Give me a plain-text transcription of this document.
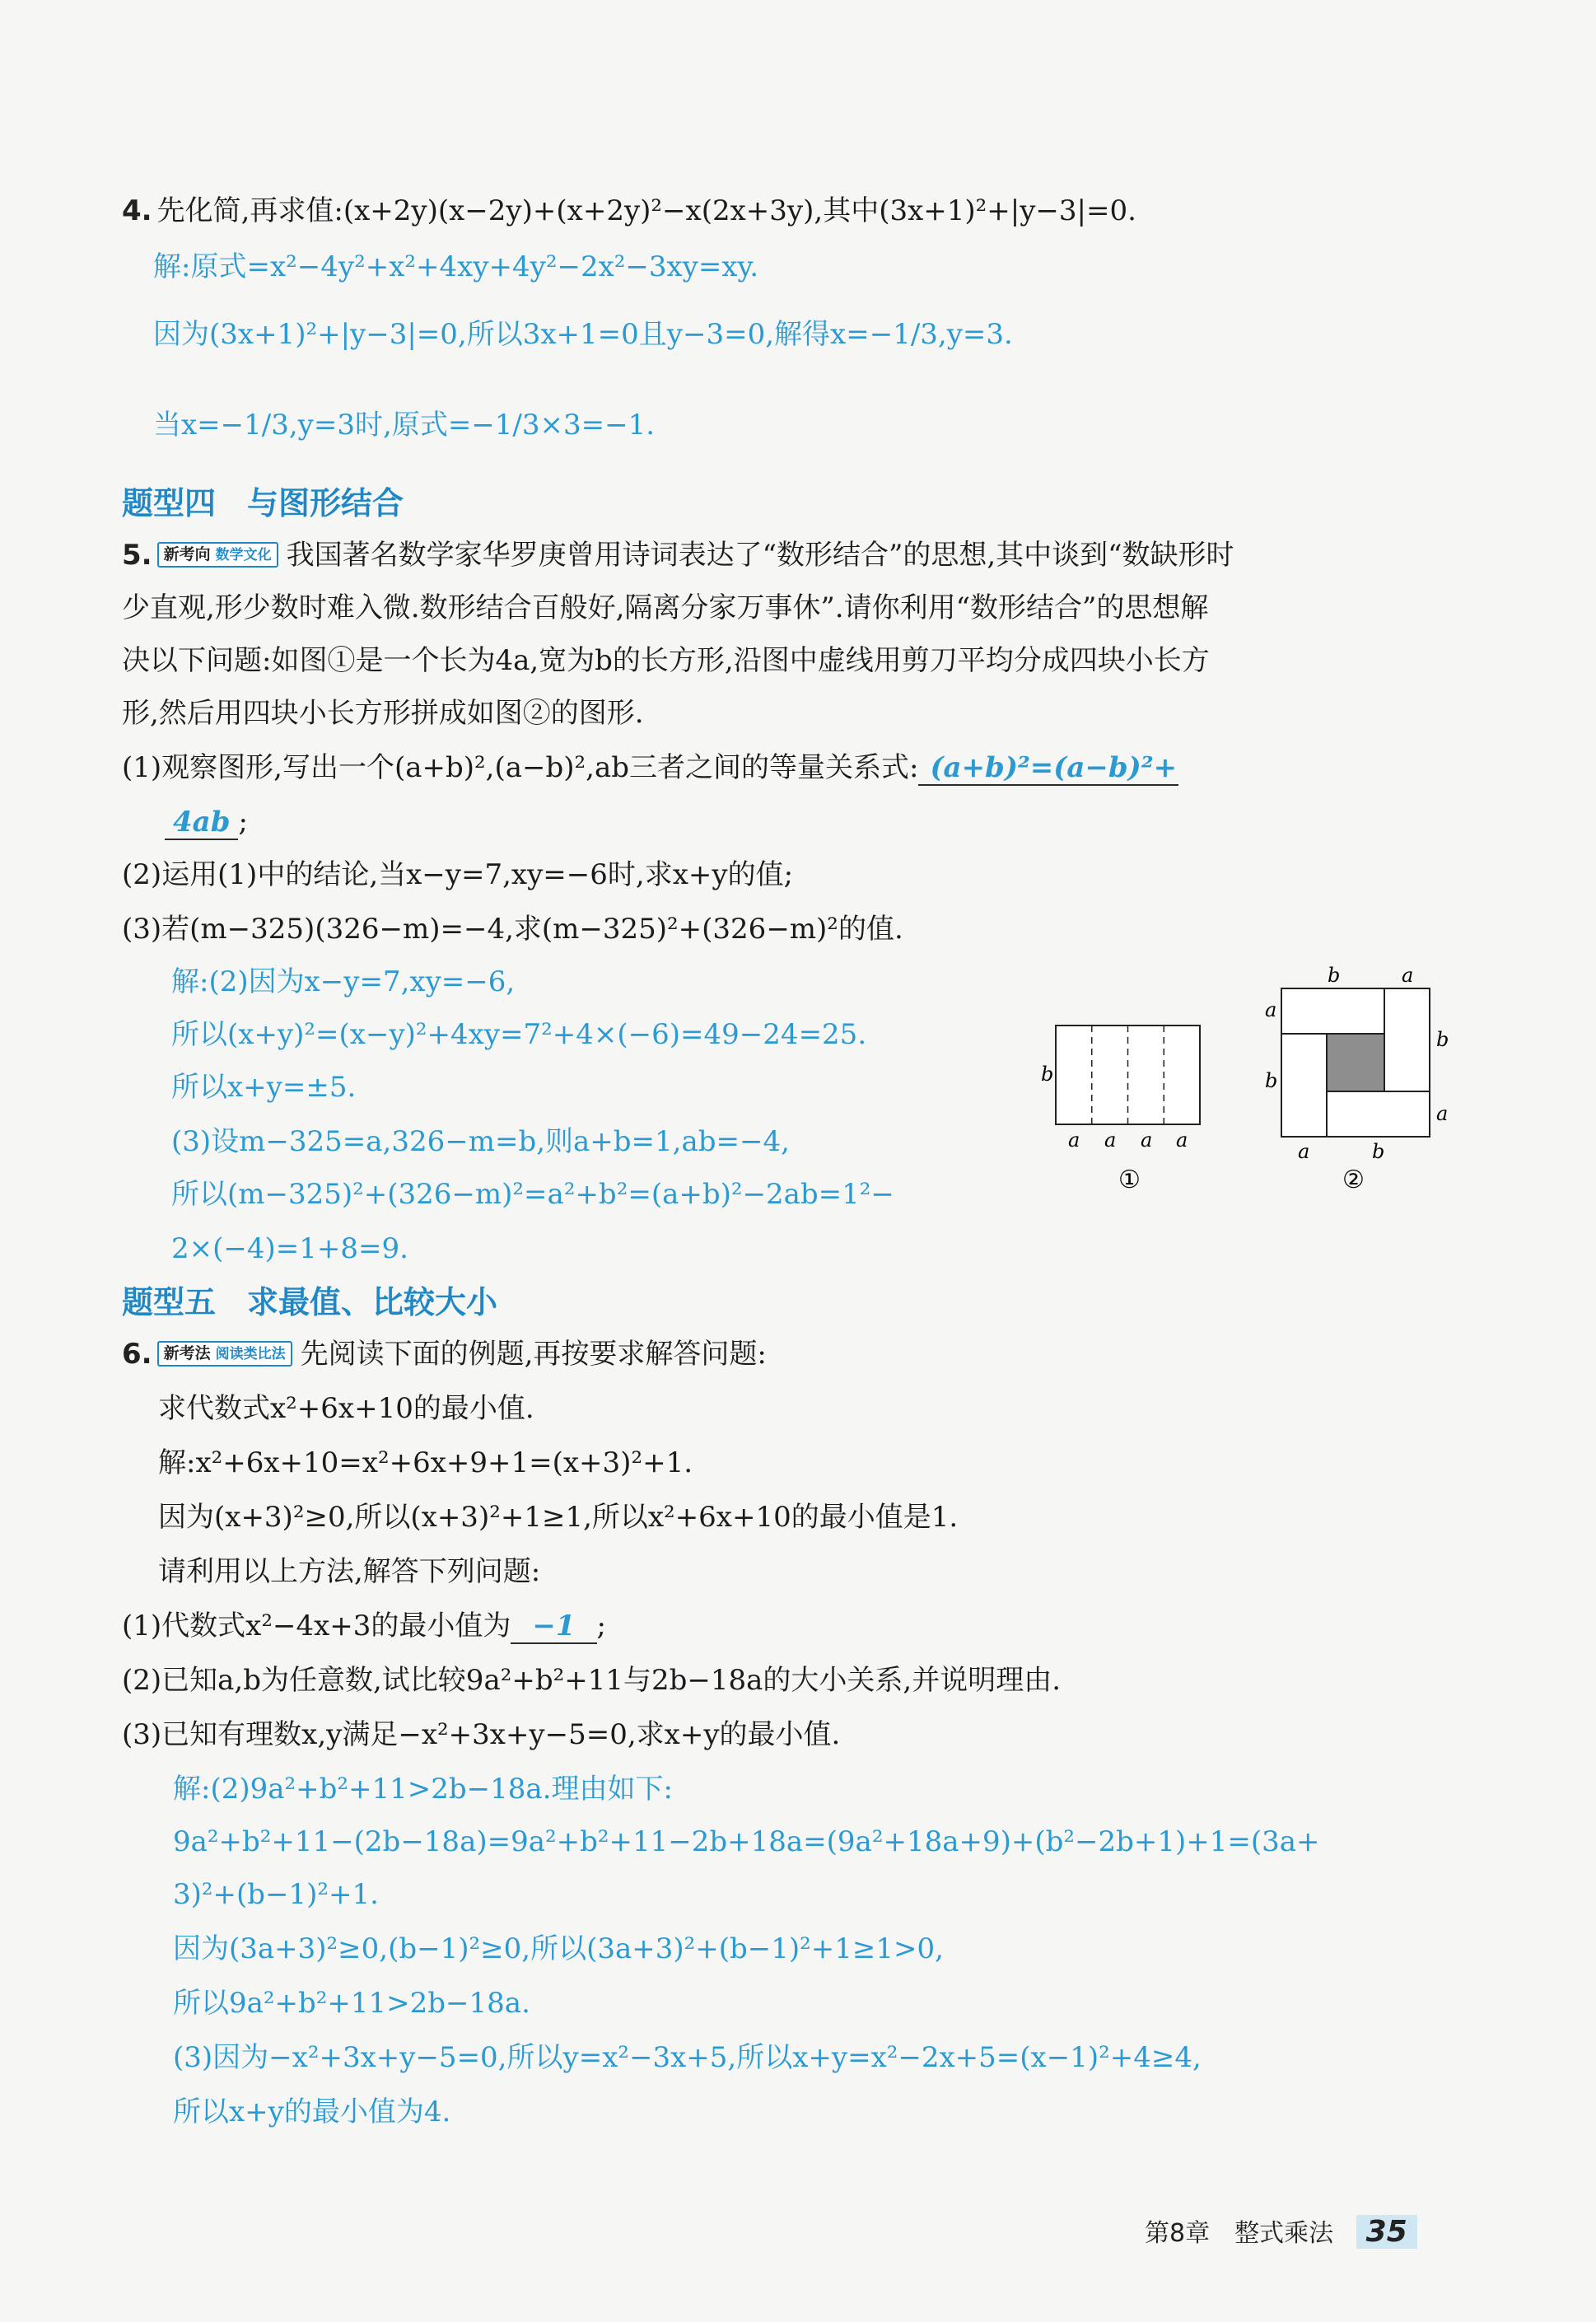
4. 先化简,再求值:(x+2y)(x−2y)+(x+2y)²−x(2x+3y),其中(3x+1)²+|y−3|=0.
解:原式=x²−4y²+x²+4xy+4y²−2x²−3xy=xy.
因为(3x+1)²+|y−3|=0,所以3x+1=0且y−3=0,解得x=−1/3,y=3.
当x=−1/3,y=3时,原式=−1/3×3=−1.
题型四　与图形结合
5. 新考向 数学文化 我国著名数学家华罗庚曾用诗词表达了“数形结合”的思想,其中谈到“数缺形时
少直观,形少数时难入微.数形结合百般好,隔离分家万事休”.请你利用“数形结合”的思想解
决以下问题:如图①是一个长为4a,宽为b的长方形,沿图中虚线用剪刀平均分成四块小长方
形,然后用四块小长方形拼成如图②的图形.
(1)观察图形,写出一个(a+b)²,(a−b)²,ab三者之间的等量关系式: (a+b)²=(a−b)²+
4ab ;
(2)运用(1)中的结论,当x−y=7,xy=−6时,求x+y的值;
(3)若(m−325)(326−m)=−4,求(m−325)²+(326−m)²的值.
解:(2)因为x−y=7,xy=−6,
所以(x+y)²=(x−y)²+4xy=7²+4×(−6)=49−24=25.
所以x+y=±5.
(3)设m−325=a,326−m=b,则a+b=1,ab=−4,
所以(m−325)²+(326−m)²=a²+b²=(a+b)²−2ab=1²−
2×(−4)=1+8=9.
b
a a a a
①
b	a
a
b
b
a
a	b
②
题型五　求最值、比较大小
6. 新考法 阅读类比法 先阅读下面的例题,再按要求解答问题:
求代数式x²+6x+10的最小值.
解:x²+6x+10=x²+6x+9+1=(x+3)²+1.
因为(x+3)²≥0,所以(x+3)²+1≥1,所以x²+6x+10的最小值是1.
请利用以上方法,解答下列问题:
(1)代数式x²−4x+3的最小值为 −1 ;
(2)已知a,b为任意数,试比较9a²+b²+11与2b−18a的大小关系,并说明理由.
(3)已知有理数x,y满足−x²+3x+y−5=0,求x+y的最小值.
解:(2)9a²+b²+11>2b−18a.理由如下:
9a²+b²+11−(2b−18a)=9a²+b²+11−2b+18a=(9a²+18a+9)+(b²−2b+1)+1=(3a+
3)²+(b−1)²+1.
因为(3a+3)²≥0,(b−1)²≥0,所以(3a+3)²+(b−1)²+1≥1>0,
所以9a²+b²+11>2b−18a.
(3)因为−x²+3x+y−5=0,所以y=x²−3x+5,所以x+y=x²−2x+5=(x−1)²+4≥4,
所以x+y的最小值为4.
第8章　整式乘法 35
